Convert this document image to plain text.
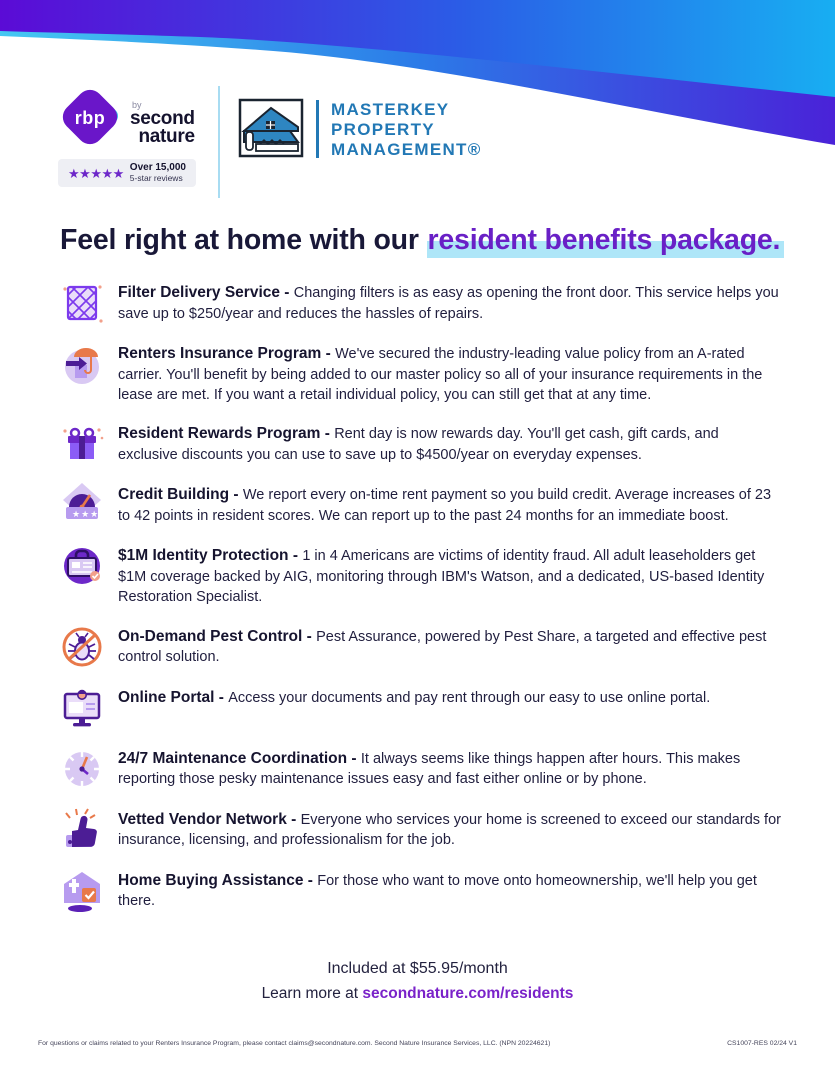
rbp
by
second
nature
★★★★★ Over 15,000
5-star reviews
MASTERKEY
PROPERTY
MANAGEMENT®
Feel right at home with our resident benefits package.

Filter Delivery Service - Changing filters is as easy as opening the front door. This service helps you save up to $250/year and reduces the hassles of repairs.

Renters Insurance Program - We've secured the industry-leading value policy from an A-rated carrier. You'll benefit by being added to our master policy so all of your insurance requirements in the lease are met. If you want a retail individual policy, you can still get that at any time.

Resident Rewards Program - Rent day is now rewards day. You'll get cash, gift cards, and exclusive discounts you can use to save up to $4500/year on everyday expenses.

★★★

Credit Building - We report every on-time rent payment so you build credit. Average increases of 23 to 42 points in resident scores. We can report up to the past 24 months for an immediate boost.

$1M Identity Protection - 1 in 4 Americans are victims of identity fraud. All adult leaseholders get $1M coverage backed by AIG, monitoring through IBM's Watson, and a dedicated, US-based Identity Restoration Specialist.

On-Demand Pest Control - Pest Assurance, powered by Pest Share, a targeted and effective pest control solution.

Online Portal - Access your documents and pay rent through our easy to use online portal.

24/7 Maintenance Coordination - It always seems like things happen after hours. This makes reporting those pesky maintenance issues easy and fast either online or by phone.

Vetted Vendor Network - Everyone who services your home is screened to exceed our standards for insurance, licensing, and professionalism for the job.

Home Buying Assistance - For those who want to move onto homeownership, we'll help you get there.

Included at $55.95/month
Learn more at secondnature.com/residents
For questions or claims related to your Renters Insurance Program, please contact claims@secondnature.com. Second Nature Insurance Services, LLC. (NPN 20224621)	CS1007-RES 02/24 V1
